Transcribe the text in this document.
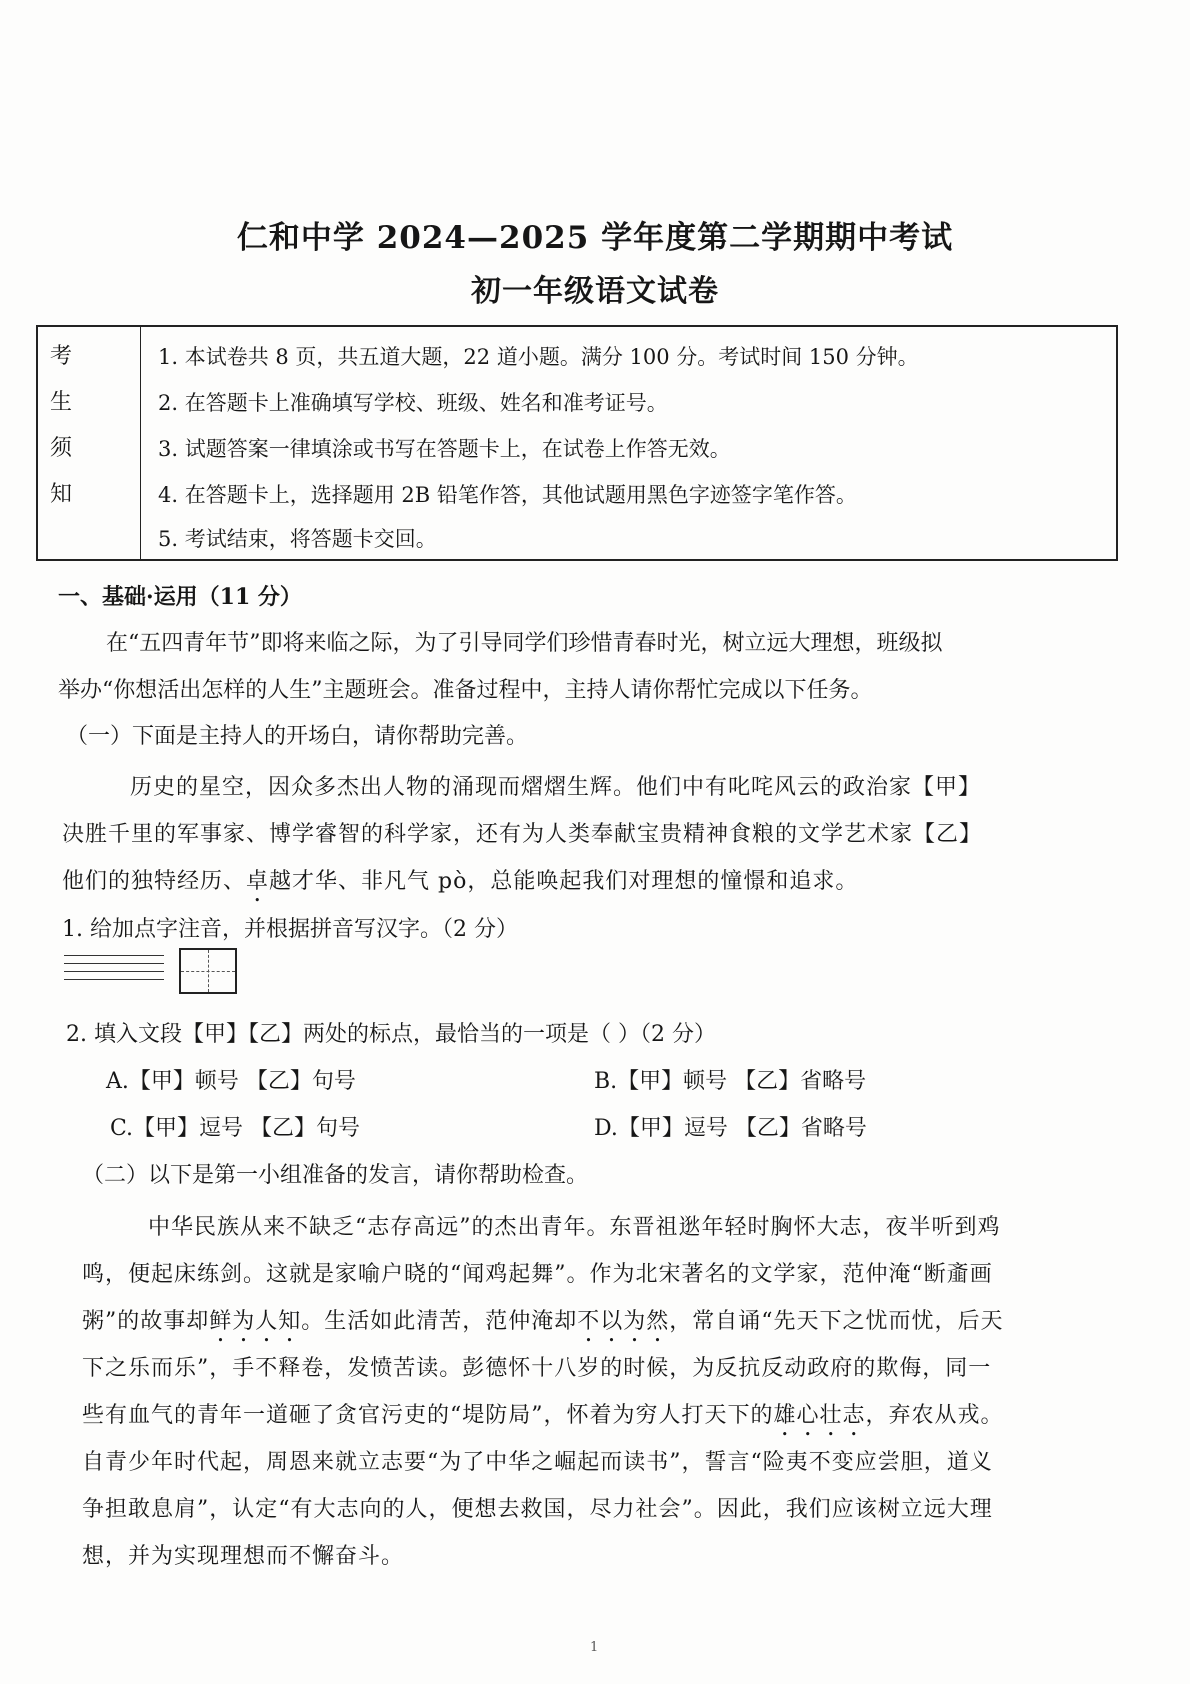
仁和中学 2024—2025 学年度第二学期期中考试
初一年级语文试卷
考
生
须
知
1. 本试卷共 8 页，共五道大题，22 道小题。满分 100 分。考试时间 150 分钟。
2. 在答题卡上准确填写学校、班级、姓名和准考证号。
3. 试题答案一律填涂或书写在答题卡上，在试卷上作答无效。
4. 在答题卡上，选择题用 2B 铅笔作答，其他试题用黑色字迹签字笔作答。
5. 考试结束，将答题卡交回。
一、基础·运用（11 分）
在“五四青年节”即将来临之际，为了引导同学们珍惜青春时光，树立远大理想，班级拟
举办“你想活出怎样的人生”主题班会。准备过程中，主持人请你帮忙完成以下任务。
（一）下面是主持人的开场白，请你帮助完善。
历史的星空，因众多杰出人物的涌现而熠熠生辉。他们中有叱咤风云的政治家【甲】
决胜千里的军事家、博学睿智的科学家，还有为人类奉献宝贵精神食粮的文学艺术家【乙】
他们的独特经历、卓越才华、非凡气 pò，总能唤起我们对理想的憧憬和追求。
1. 给加点字注音，并根据拼音写汉字。（2 分）
2. 填入文段【甲】【乙】两处的标点，最恰当的一项是（ ）（2 分）
A.【甲】顿号 【乙】句号	B.【甲】顿号 【乙】省略号
C.【甲】逗号 【乙】句号	D.【甲】逗号 【乙】省略号
（二）以下是第一小组准备的发言，请你帮助检查。
中华民族从来不缺乏“志存高远”的杰出青年。东晋祖逖年轻时胸怀大志，夜半听到鸡
鸣，便起床练剑。这就是家喻户晓的“闻鸡起舞”。作为北宋著名的文学家，范仲淹“断齑画
粥”的故事却鲜为人知。生活如此清苦，范仲淹却不以为然，常自诵“先天下之忧而忧，后天
下之乐而乐”，手不释卷，发愤苦读。彭德怀十八岁的时候，为反抗反动政府的欺侮，同一
些有血气的青年一道砸了贪官污吏的“堤防局”，怀着为穷人打天下的雄心壮志，弃农从戎。
自青少年时代起，周恩来就立志要“为了中华之崛起而读书”，誓言“险夷不变应尝胆，道义
争担敢息肩”，认定“有大志向的人，便想去救国，尽力社会”。因此，我们应该树立远大理
想，并为实现理想而不懈奋斗。
1
